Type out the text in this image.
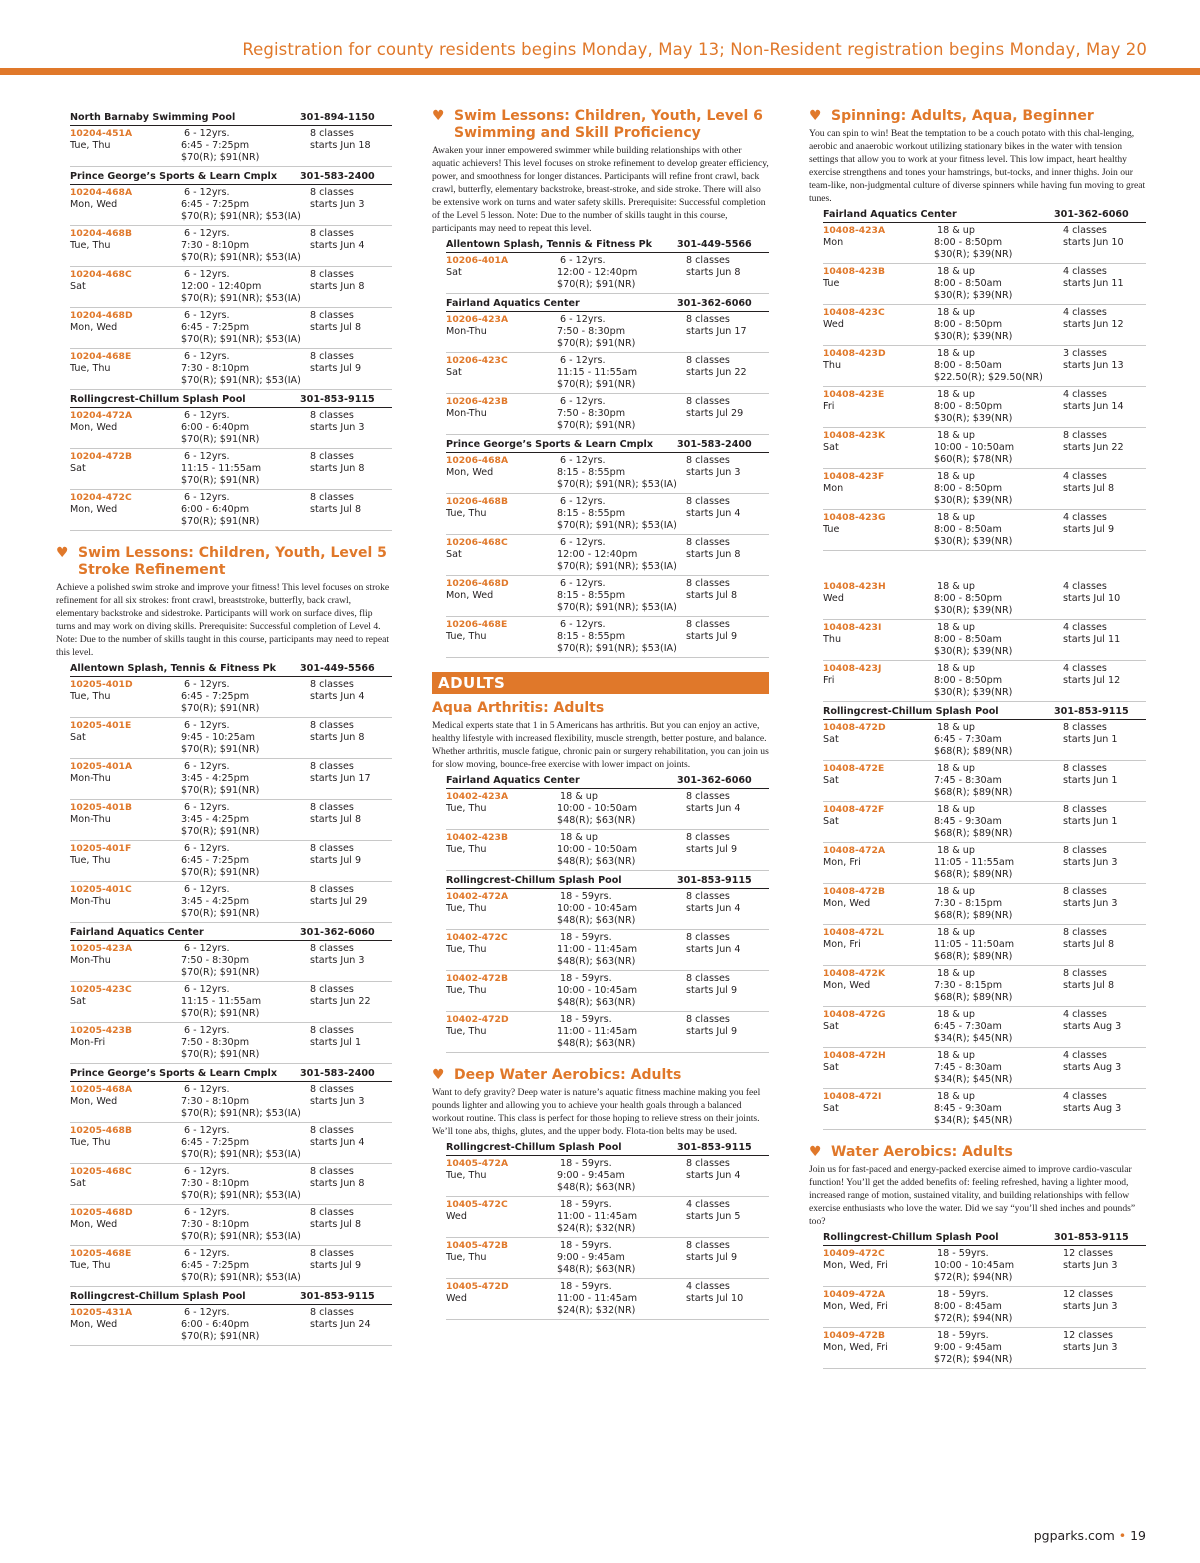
Registration for county residents begins Monday, May 13; Non-Resident registration begins Monday, May 20
North Barnaby Swimming Pool	301-894-1150
10204-451A	6 - 12yrs.	8 classes
Tue, Thu	6:45 - 7:25pm	starts Jun 18
$70(R); $91(NR)
Prince George’s Sports & Learn Cmplx 301-583-2400
10204-468A	6 - 12yrs.	8 classes
Mon, Wed	6:45 - 7:25pm	starts Jun 3
$70(R); $91(NR); $53(IA)
10204-468B	6 - 12yrs.	8 classes
Tue, Thu	7:30 - 8:10pm	starts Jun 4
$70(R); $91(NR); $53(IA)
10204-468C	6 - 12yrs.	8 classes
Sat	12:00 - 12:40pm	starts Jun 8
$70(R); $91(NR); $53(IA)
10204-468D	6 - 12yrs.	8 classes
Mon, Wed	6:45 - 7:25pm	starts Jul 8
$70(R); $91(NR); $53(IA)
10204-468E	6 - 12yrs.	8 classes
Tue, Thu	7:30 - 8:10pm	starts Jul 9
$70(R); $91(NR); $53(IA)
Rollingcrest-Chillum Splash Pool	301-853-9115
10204-472A	6 - 12yrs.	8 classes
Mon, Wed	6:00 - 6:40pm	starts Jun 3
$70(R); $91(NR)
10204-472B	6 - 12yrs.	8 classes
Sat	11:15 - 11:55am	starts Jun 8
$70(R); $91(NR)
10204-472C	6 - 12yrs.	8 classes
Mon, Wed	6:00 - 6:40pm	starts Jul 8
$70(R); $91(NR)
♥ Swim Lessons: Children, Youth, Level 5 Stroke Refinement
Achieve a polished swim stroke and improve your fitness! This level focuses on stroke refinement for all six strokes: front crawl, breaststroke, butterfly, back crawl, elementary backstroke and sidestroke. Participants will work on surface dives, flip turns and may work on diving skills. Prerequisite: Successful completion of Level 4. Note: Due to the number of skills taught in this course, participants may need to repeat this level.
Allentown Splash, Tennis & Fitness Pk 301-449-5566
10205-401D	6 - 12yrs.	8 classes
Tue, Thu	6:45 - 7:25pm	starts Jun 4
$70(R); $91(NR)
10205-401E	6 - 12yrs.	8 classes
Sat	9:45 - 10:25am	starts Jun 8
$70(R); $91(NR)
10205-401A	6 - 12yrs.	8 classes
Mon-Thu	3:45 - 4:25pm	starts Jun 17
$70(R); $91(NR)
10205-401B	6 - 12yrs.	8 classes
Mon-Thu	3:45 - 4:25pm	starts Jul 8
$70(R); $91(NR)
10205-401F	6 - 12yrs.	8 classes
Tue, Thu	6:45 - 7:25pm	starts Jul 9
$70(R); $91(NR)
10205-401C	6 - 12yrs.	8 classes
Mon-Thu	3:45 - 4:25pm	starts Jul 29
$70(R); $91(NR)
Fairland Aquatics Center	301-362-6060
10205-423A	6 - 12yrs.	8 classes
Mon-Thu	7:50 - 8:30pm	starts Jun 3
$70(R); $91(NR)
10205-423C	6 - 12yrs.	8 classes
Sat	11:15 - 11:55am	starts Jun 22
$70(R); $91(NR)
10205-423B	6 - 12yrs.	8 classes
Mon-Fri	7:50 - 8:30pm	starts Jul 1
$70(R); $91(NR)
Prince George’s Sports & Learn Cmplx 301-583-2400
10205-468A	6 - 12yrs.	8 classes
Mon, Wed	7:30 - 8:10pm	starts Jun 3
$70(R); $91(NR); $53(IA)
10205-468B	6 - 12yrs.	8 classes
Tue, Thu	6:45 - 7:25pm	starts Jun 4
$70(R); $91(NR); $53(IA)
10205-468C	6 - 12yrs.	8 classes
Sat	7:30 - 8:10pm	starts Jun 8
$70(R); $91(NR); $53(IA)
10205-468D	6 - 12yrs.	8 classes
Mon, Wed	7:30 - 8:10pm	starts Jul 8
$70(R); $91(NR); $53(IA)
10205-468E	6 - 12yrs.	8 classes
Tue, Thu	6:45 - 7:25pm	starts Jul 9
$70(R); $91(NR); $53(IA)
Rollingcrest-Chillum Splash Pool	301-853-9115
10205-431A	6 - 12yrs.	8 classes
Mon, Wed	6:00 - 6:40pm	starts Jun 24
$70(R); $91(NR)
♥ Swim Lessons: Children, Youth, Level 6 Swimming and Skill Proficiency
Awaken your inner empowered swimmer while building relationships with other aquatic achievers! This level focuses on stroke refinement to develop greater efficiency, power, and smoothness for longer distances. Participants will refine front crawl, back crawl, butterfly, elementary backstroke, breast-stroke, and side stroke. There will also be extensive work on turns and water safety skills. Prerequisite: Successful completion of the Level 5 lesson. Note: Due to the number of skills taught in this course, participants may need to repeat this level.
Allentown Splash, Tennis & Fitness Pk	301-449-5566
10206-401A	6 - 12yrs.	8 classes
Sat	12:00 - 12:40pm	starts Jun 8
$70(R); $91(NR)
Fairland Aquatics Center	301-362-6060
10206-423A	6 - 12yrs.	8 classes
Mon-Thu	7:50 - 8:30pm	starts Jun 17
$70(R); $91(NR)
10206-423C	6 - 12yrs.	8 classes
Sat	11:15 - 11:55am	starts Jun 22
$70(R); $91(NR)
10206-423B	6 - 12yrs.	8 classes
Mon-Thu	7:50 - 8:30pm	starts Jul 29
$70(R); $91(NR)
Prince George’s Sports & Learn Cmplx 301-583-2400
10206-468A	6 - 12yrs.	8 classes
Mon, Wed	8:15 - 8:55pm	starts Jun 3
$70(R); $91(NR); $53(IA)
10206-468B	6 - 12yrs.	8 classes
Tue, Thu	8:15 - 8:55pm	starts Jun 4
$70(R); $91(NR); $53(IA)
10206-468C	6 - 12yrs.	8 classes
Sat	12:00 - 12:40pm	starts Jun 8
$70(R); $91(NR); $53(IA)
10206-468D	6 - 12yrs.	8 classes
Mon, Wed	8:15 - 8:55pm	starts Jul 8
$70(R); $91(NR); $53(IA)
10206-468E	6 - 12yrs.	8 classes
Tue, Thu	8:15 - 8:55pm	starts Jul 9
$70(R); $91(NR); $53(IA)
ADULTS
Aqua Arthritis: Adults
Medical experts state that 1 in 5 Americans has arthritis. But you can enjoy an active, healthy lifestyle with increased flexibility, muscle strength, better posture, and balance. Whether arthritis, muscle fatigue, chronic pain or surgery rehabilitation, you can join us for slow moving, bounce-free exercise with lower impact on joints.
Fairland Aquatics Center	301-362-6060
10402-423A	18 & up	8 classes
Tue, Thu	10:00 - 10:50am	starts Jun 4
$48(R); $63(NR)
10402-423B	18 & up	8 classes
Tue, Thu	10:00 - 10:50am	starts Jul 9
$48(R); $63(NR)
Rollingcrest-Chillum Splash Pool	301-853-9115
10402-472A	18 - 59yrs.	8 classes
Tue, Thu	10:00 - 10:45am	starts Jun 4
$48(R); $63(NR)
10402-472C	18 - 59yrs.	8 classes
Tue, Thu	11:00 - 11:45am	starts Jun 4
$48(R); $63(NR)
10402-472B	18 - 59yrs.	8 classes
Tue, Thu	10:00 - 10:45am	starts Jul 9
$48(R); $63(NR)
10402-472D	18 - 59yrs.	8 classes
Tue, Thu	11:00 - 11:45am	starts Jul 9
$48(R); $63(NR)
♥ Deep Water Aerobics: Adults
Want to defy gravity? Deep water is nature’s aquatic fitness machine making you feel pounds lighter and allowing you to achieve your health goals through a balanced workout routine. This class is perfect for those hoping to relieve stress on their joints. We’ll tone abs, thighs, glutes, and the upper body. Flota-tion belts may be used.
Rollingcrest-Chillum Splash Pool	301-853-9115
10405-472A	18 - 59yrs.	8 classes
Tue, Thu	9:00 - 9:45am	starts Jun 4
$48(R); $63(NR)
10405-472C	18 - 59yrs.	4 classes
Wed	11:00 - 11:45am	starts Jun 5
$24(R); $32(NR)
10405-472B	18 - 59yrs.	8 classes
Tue, Thu	9:00 - 9:45am	starts Jul 9
$48(R); $63(NR)
10405-472D	18 - 59yrs.	4 classes
Wed	11:00 - 11:45am	starts Jul 10
$24(R); $32(NR)
♥ Spinning: Adults, Aqua, Beginner
You can spin to win! Beat the temptation to be a couch potato with this chal-lenging, aerobic and anaerobic workout utilizing stationary bikes in the water with tension settings that allow you to work at your fitness level. This low impact, heart healthy exercise strengthens and tones your hamstrings, but-tocks, and inner thighs. Join our team-like, non-judgmental culture of diverse spinners while having fun moving to great tunes.
Fairland Aquatics Center	301-362-6060
10408-423A	18 & up	4 classes
Mon	8:00 - 8:50pm	starts Jun 10
$30(R); $39(NR)
10408-423B	18 & up	4 classes
Tue	8:00 - 8:50am	starts Jun 11
$30(R); $39(NR)
10408-423C	18 & up	4 classes
Wed	8:00 - 8:50pm	starts Jun 12
$30(R); $39(NR)
10408-423D	18 & up	3 classes
Thu	8:00 - 8:50am	starts Jun 13
$22.50(R); $29.50(NR)
10408-423E	18 & up	4 classes
Fri	8:00 - 8:50pm	starts Jun 14
$30(R); $39(NR)
10408-423K	18 & up	8 classes
Sat	10:00 - 10:50am	starts Jun 22
$60(R); $78(NR)
10408-423F	18 & up	4 classes
Mon	8:00 - 8:50pm	starts Jul 8
$30(R); $39(NR)
10408-423G	18 & up	4 classes
Tue	8:00 - 8:50am	starts Jul 9
$30(R); $39(NR)
10408-423H	18 & up	4 classes
Wed	8:00 - 8:50pm	starts Jul 10
$30(R); $39(NR)
10408-423I	18 & up	4 classes
Thu	8:00 - 8:50am	starts Jul 11
$30(R); $39(NR)
10408-423J	18 & up	4 classes
Fri	8:00 - 8:50pm	starts Jul 12
$30(R); $39(NR)
Rollingcrest-Chillum Splash Pool	301-853-9115
10408-472D	18 & up	8 classes
Sat	6:45 - 7:30am	starts Jun 1
$68(R); $89(NR)
10408-472E	18 & up	8 classes
Sat	7:45 - 8:30am	starts Jun 1
$68(R); $89(NR)
10408-472F	18 & up	8 classes
Sat	8:45 - 9:30am	starts Jun 1
$68(R); $89(NR)
10408-472A	18 & up	8 classes
Mon, Fri	11:05 - 11:55am	starts Jun 3
$68(R); $89(NR)
10408-472B	18 & up	8 classes
Mon, Wed	7:30 - 8:15pm	starts Jun 3
$68(R); $89(NR)
10408-472L	18 & up	8 classes
Mon, Fri	11:05 - 11:50am	starts Jul 8
$68(R); $89(NR)
10408-472K	18 & up	8 classes
Mon, Wed	7:30 - 8:15pm	starts Jul 8
$68(R); $89(NR)
10408-472G	18 & up	4 classes
Sat	6:45 - 7:30am	starts Aug 3
$34(R); $45(NR)
10408-472H	18 & up	4 classes
Sat	7:45 - 8:30am	starts Aug 3
$34(R); $45(NR)
10408-472I	18 & up	4 classes
Sat	8:45 - 9:30am	starts Aug 3
$34(R); $45(NR)
♥ Water Aerobics: Adults
Join us for fast-paced and energy-packed exercise aimed to improve cardio-vascular function! You’ll get the added benefits of: feeling refreshed, having a lighter mood, increased range of motion, sustained vitality, and building relationships with fellow exercise enthusiasts who love the water. Did we say “you’ll shed inches and pounds” too?
Rollingcrest-Chillum Splash Pool	301-853-9115
10409-472C	18 - 59yrs.	12 classes
Mon, Wed, Fri	10:00 - 10:45am	starts Jun 3
$72(R); $94(NR)
10409-472A	18 - 59yrs.	12 classes
Mon, Wed, Fri	8:00 - 8:45am	starts Jun 3
$72(R); $94(NR)
10409-472B	18 - 59yrs.	12 classes
Mon, Wed, Fri	9:00 - 9:45am	starts Jun 3
$72(R); $94(NR)
pgparks.com • 19
